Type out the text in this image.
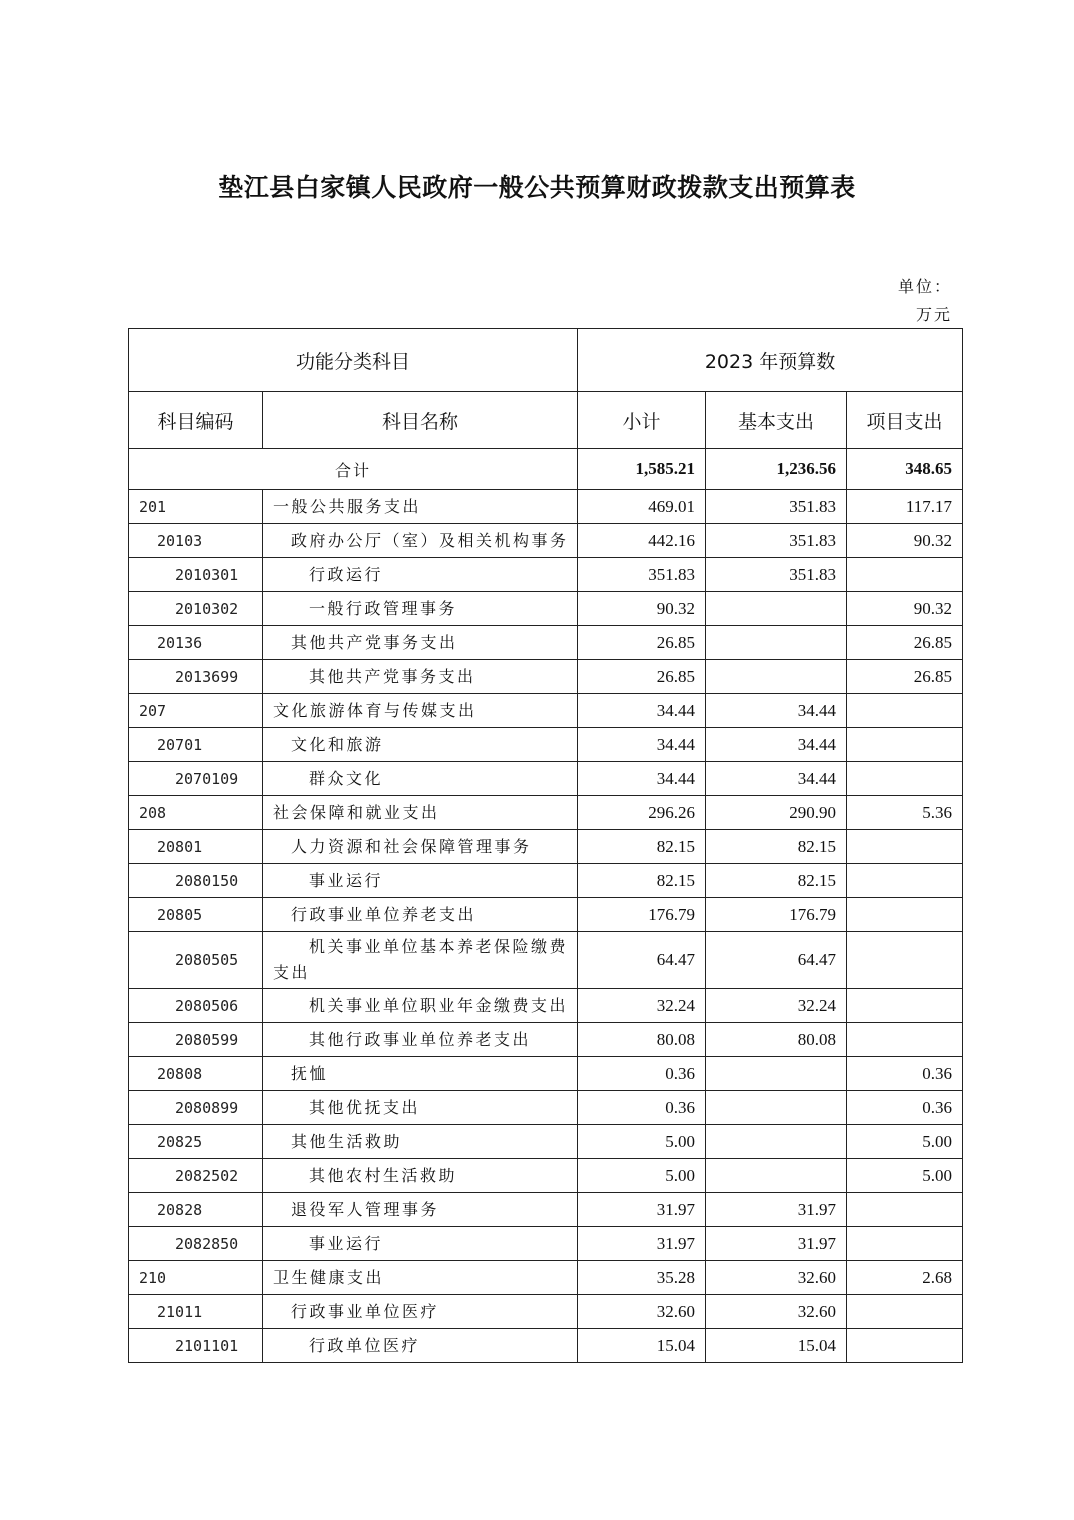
垫江县白家镇人民政府一般公共预算财政拨款支出预算表
单位：
万元
功能分类科目		2023 年预算数		
科目编码	科目名称	小计	基本支出	项目支出
合计		1,585.21	1,236.56	348.65
201	一般公共服务支出	469.01	351.83	117.17
20103	政府办公厅（室）及相关机构事务	442.16	351.83	90.32
2010301	行政运行	351.83	351.83	
2010302	一般行政管理事务	90.32		90.32
20136	其他共产党事务支出	26.85		26.85
2013699	其他共产党事务支出	26.85		26.85
207	文化旅游体育与传媒支出	34.44	34.44	
20701	文化和旅游	34.44	34.44	
2070109	群众文化	34.44	34.44	
208	社会保障和就业支出	296.26	290.90	5.36
20801	人力资源和社会保障管理事务	82.15	82.15	
2080150	事业运行	82.15	82.15	
20805	行政事业单位养老支出	176.79	176.79	
2080505	机关事业单位基本养老保险缴费支出	64.47	64.47	
2080506	机关事业单位职业年金缴费支出	32.24	32.24	
2080599	其他行政事业单位养老支出	80.08	80.08	
20808	抚恤	0.36		0.36
2080899	其他优抚支出	0.36		0.36
20825	其他生活救助	5.00		5.00
2082502	其他农村生活救助	5.00		5.00
20828	退役军人管理事务	31.97	31.97	
2082850	事业运行	31.97	31.97	
210	卫生健康支出	35.28	32.60	2.68
21011	行政事业单位医疗	32.60	32.60	
2101101	行政单位医疗	15.04	15.04	
